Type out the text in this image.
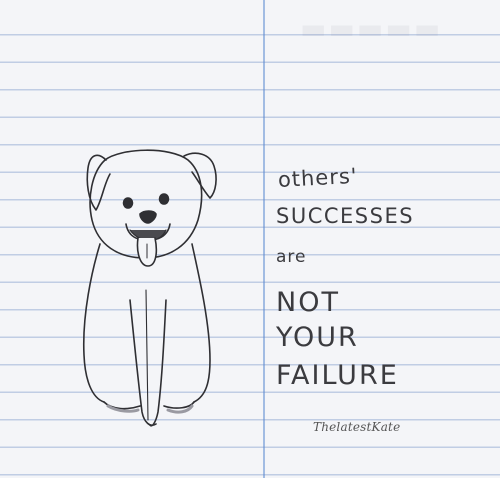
▬▬▬▬▬
others'
SUCCESSES
are
NOT
YOUR
FAILURE
ThelatestKate
